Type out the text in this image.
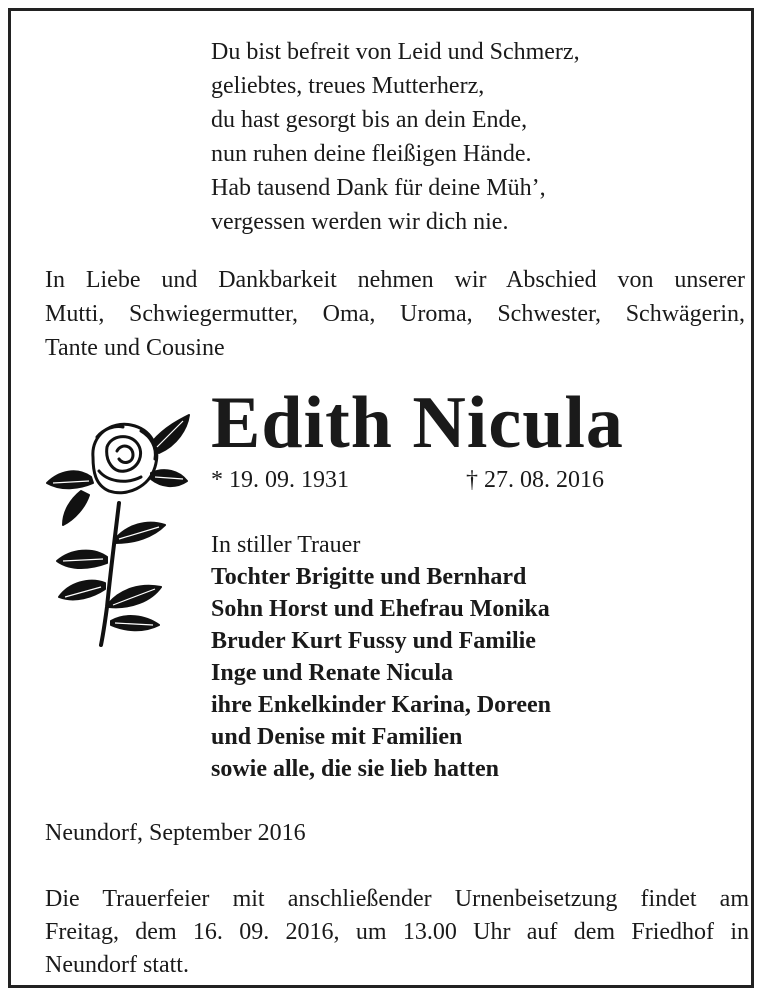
Du bist befreit von Leid und Schmerz,
geliebtes, treues Mutterherz,
du hast gesorgt bis an dein Ende,
nun ruhen deine fleißigen Hände.
Hab tausend Dank für deine Müh’,
vergessen werden wir dich nie.
In Liebe und Dankbarkeit nehmen wir Abschied von unserer
Mutti, Schwiegermutter, Oma, Uroma, Schwester, Schwägerin,
Tante und Cousine
Edith Nicula
* 19. 09. 1931	† 27. 08. 2016
In stiller Trauer
Tochter Brigitte und Bernhard
Sohn Horst und Ehefrau Monika
Bruder Kurt Fussy und Familie
Inge und Renate Nicula
ihre Enkelkinder Karina, Doreen
und Denise mit Familien
sowie alle, die sie lieb hatten
Neundorf, September 2016
Die Trauerfeier mit anschließender Urnenbeisetzung findet am
Freitag, dem 16. 09. 2016, um 13.00 Uhr auf dem Friedhof in
Neundorf statt.
